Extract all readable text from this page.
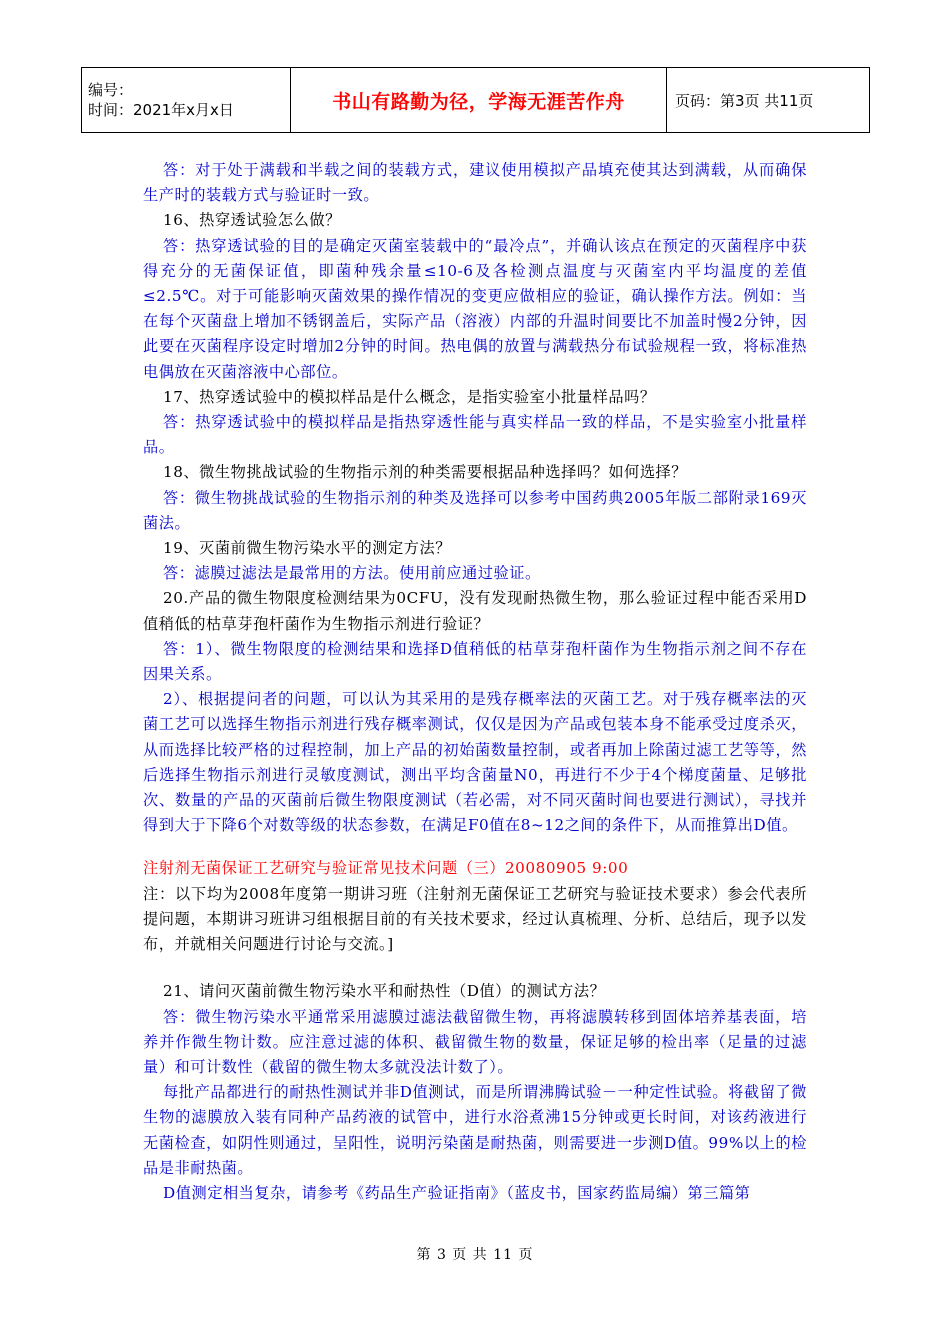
编号：
时间：2021年x月x日	书山有路勤为径，学海无涯苦作舟	页码：第3页 共11页

答：对于处于满载和半载之间的装载方式，建议使用模拟产品填充使其达到满载，从而确保生产时的装载方式与验证时一致。

16、热穿透试验怎么做？

答：热穿透试验的目的是确定灭菌室装载中的“最冷点”，并确认该点在预定的灭菌程序中获得充分的无菌保证值，即菌种残余量≤10-6及各检测点温度与灭菌室内平均温度的差值≤2.5℃。对于可能影响灭菌效果的操作情况的变更应做相应的验证，确认操作方法。例如：当在每个灭菌盘上增加不锈钢盖后，实际产品（溶液）内部的升温时间要比不加盖时慢2分钟，因此要在灭菌程序设定时增加2分钟的时间。热电偶的放置与满载热分布试验规程一致，将标准热电偶放在灭菌溶液中心部位。

17、热穿透试验中的模拟样品是什么概念，是指实验室小批量样品吗？

答：热穿透试验中的模拟样品是指热穿透性能与真实样品一致的样品，不是实验室小批量样品。

18、微生物挑战试验的生物指示剂的种类需要根据品种选择吗？如何选择？

答：微生物挑战试验的生物指示剂的种类及选择可以参考中国药典2005年版二部附录169灭菌法。

19、灭菌前微生物污染水平的测定方法？

答：滤膜过滤法是最常用的方法。使用前应通过验证。

20.产品的微生物限度检测结果为0CFU，没有发现耐热微生物，那么验证过程中能否采用D值稍低的枯草芽孢杆菌作为生物指示剂进行验证？

答：1）、微生物限度的检测结果和选择D值稍低的枯草芽孢杆菌作为生物指示剂之间不存在因果关系。

2）、根据提问者的问题，可以认为其采用的是残存概率法的灭菌工艺。对于残存概率法的灭菌工艺可以选择生物指示剂进行残存概率测试，仅仅是因为产品或包装本身不能承受过度杀灭，从而选择比较严格的过程控制，加上产品的初始菌数量控制，或者再加上除菌过滤工艺等等，然后选择生物指示剂进行灵敏度测试，测出平均含菌量N0，再进行不少于4个梯度菌量、足够批次、数量的产品的灭菌前后微生物限度测试（若必需，对不同灭菌时间也要进行测试），寻找并得到大于下降6个对数等级的状态参数，在满足F0值在8~12之间的条件下，从而推算出D值。

注射剂无菌保证工艺研究与验证常见技术问题（三）20080905 9:00

注：以下均为2008年度第一期讲习班（注射剂无菌保证工艺研究与验证技术要求）参会代表所提问题，本期讲习班讲习组根据目前的有关技术要求，经过认真梳理、分析、总结后，现予以发布，并就相关问题进行讨论与交流。]

21、请问灭菌前微生物污染水平和耐热性（D值）的测试方法？

答：微生物污染水平通常采用滤膜过滤法截留微生物，再将滤膜转移到固体培养基表面，培养并作微生物计数。应注意过滤的体积、截留微生物的数量，保证足够的检出率（足量的过滤量）和可计数性（截留的微生物太多就没法计数了）。

每批产品都进行的耐热性测试并非D值测试，而是所谓沸腾试验－一种定性试验。将截留了微生物的滤膜放入装有同种产品药液的试管中，进行水浴煮沸15分钟或更长时间，对该药液进行无菌检查，如阴性则通过，呈阳性，说明污染菌是耐热菌，则需要进一步测D值。99%以上的检品是非耐热菌。

D值测定相当复杂，请参考《药品生产验证指南》（蓝皮书，国家药监局编）第三篇第

第 3 页 共 11 页
